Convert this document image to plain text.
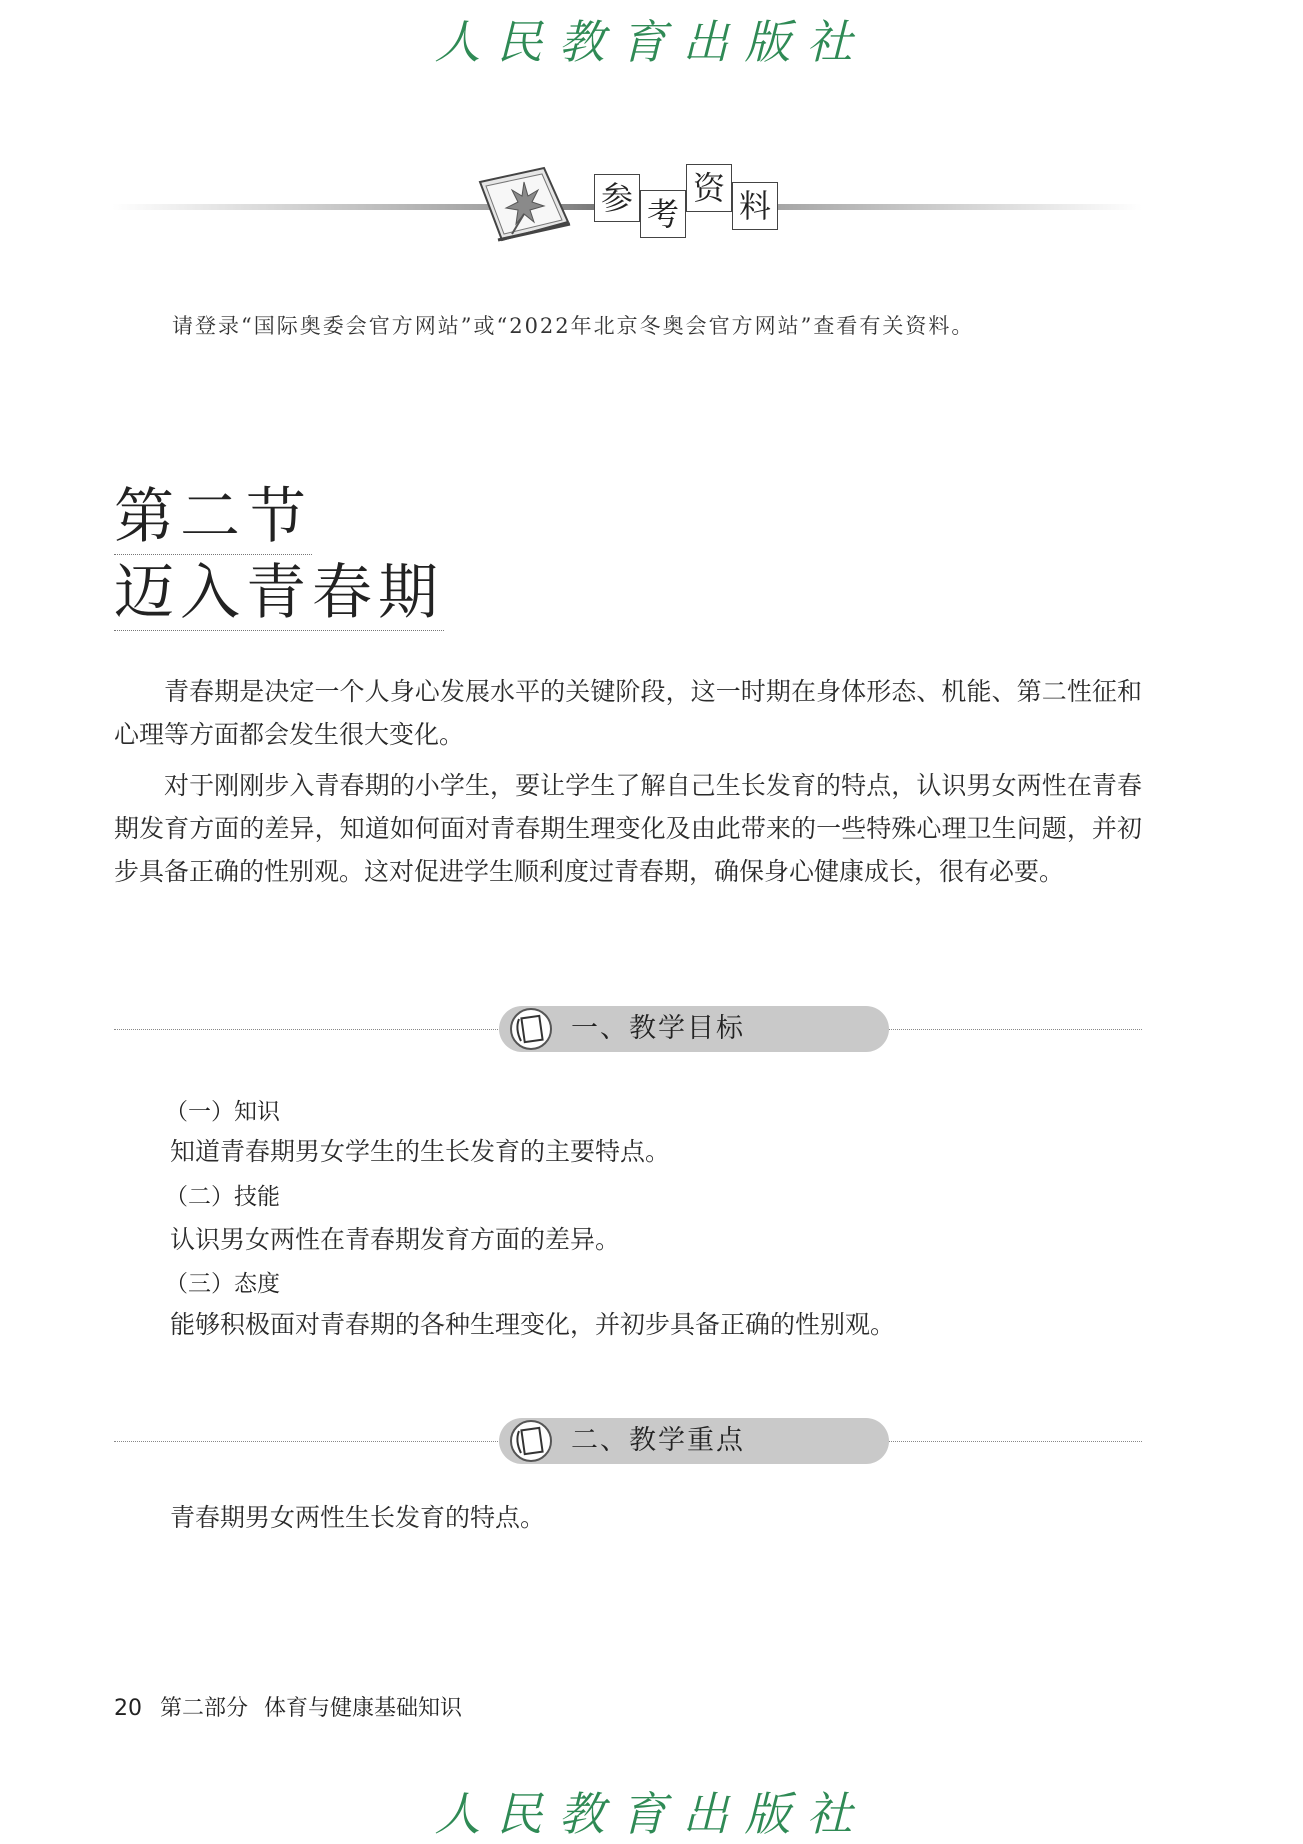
人民教育出版社
参 考
资 料
请登录“国际奥委会官方网站”或“2022年北京冬奥会官方网站”查看有关资料。
第二节
迈入青春期

青春期是决定一个人身心发展水平的关键阶段，这一时期在身体形态、机能、第二性征和心理等方面都会发生很大变化。

对于刚刚步入青春期的小学生，要让学生了解自己生长发育的特点，认识男女两性在青春期发育方面的差异，知道如何面对青春期生理变化及由此带来的一些特殊心理卫生问题，并初步具备正确的性别观。这对促进学生顺利度过青春期，确保身心健康成长，很有必要。

一、教学目标
（一）知识
知道青春期男女学生的生长发育的主要特点。
（二）技能
认识男女两性在青春期发育方面的差异。
（三）态度
能够积极面对青春期的各种生理变化，并初步具备正确的性别观。
二、教学重点
青春期男女两性生长发育的特点。
20 第二部分 体育与健康基础知识
人民教育出版社
